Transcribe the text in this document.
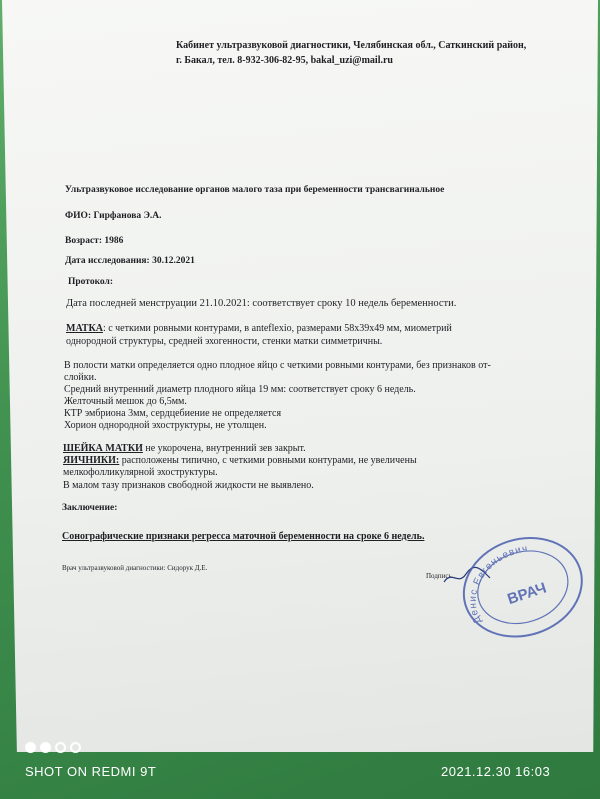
Кабинет ультразвуковой диагностики, Челябинская обл., Саткинский район,
г. Бакал, тел. 8-932-306-82-95, bakal_uzi@mail.ru
Ультразвуковое исследование органов малого таза при беременности трансвагинальное
ФИО: Гирфанова Э.А.
Возраст: 1986
Дата исследования: 30.12.2021
Протокол:
Дата последней менструации 21.10.2021: соответствует сроку 10 недель беременности.
МАТКА: с четкими ровными контурами, в anteflexio, размерами 58х39х49 мм, миометрий
однородной структуры, средней эхогенности, стенки матки симметричны.
В полости матки определяется одно плодное яйцо с четкими ровными контурами, без признаков от-
слойки.
Средний внутренний диаметр плодного яйца 19 мм: соответствует сроку 6 недель.
Желточный мешок до 6,5мм.
КТР эмбриона 3мм, сердцебиение не определяется
Хорион однородной эхоструктуры, не утолщен.
ШЕЙКА МАТКИ не укорочена, внутренний зев закрыт.
ЯИЧНИКИ: расположены типично, с четкими ровными контурами, не увеличены
мелкофолликулярной эхоструктуры.
В малом тазу признаков свободной жидкости не выявлено.
Заключение:
Сонографические признаки регресса маточной беременности на сроке 6 недель.
Врач ультразвуковой диагностики: Сидорук Д.Е.
Подпись
Денис Евгеньевич
ВРАЧ
SHOT ON REDMI 9T	2021.12.30 16:03
